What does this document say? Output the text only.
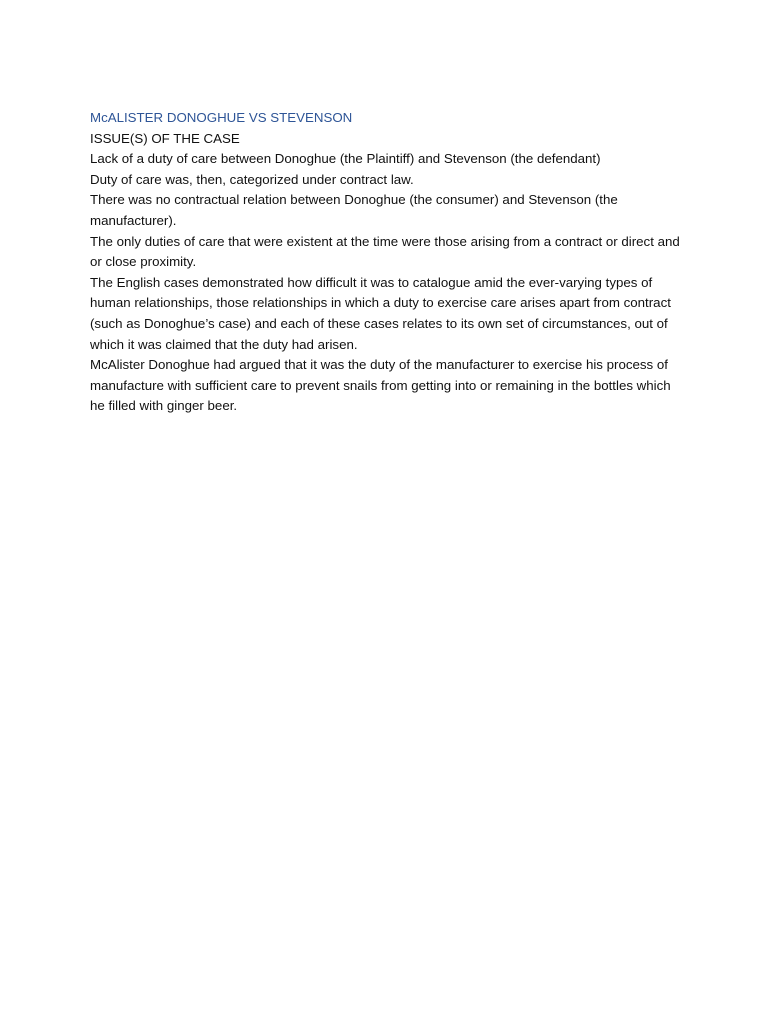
McALISTER DONOGHUE VS STEVENSON
ISSUE(S) OF THE CASE

Lack of a duty of care between Donoghue (the Plaintiff) and Stevenson (the defendant)

Duty of care was, then, categorized under contract law.

There was no contractual relation between Donoghue (the consumer) and Stevenson (the manufacturer).

The only duties of care that were existent at the time were those arising from a contract or direct and or close proximity.

The English cases demonstrated how difficult it was to catalogue amid the ever-varying types of human relationships, those relationships in which a duty to exercise care arises apart from contract (such as Donoghue’s case) and each of these cases relates to its own set of circumstances, out of which it was claimed that the duty had arisen.

McAlister Donoghue had argued that it was the duty of the manufacturer to exercise his process of manufacture with sufficient care to prevent snails from getting into or remaining in the bottles which he filled with ginger beer.
